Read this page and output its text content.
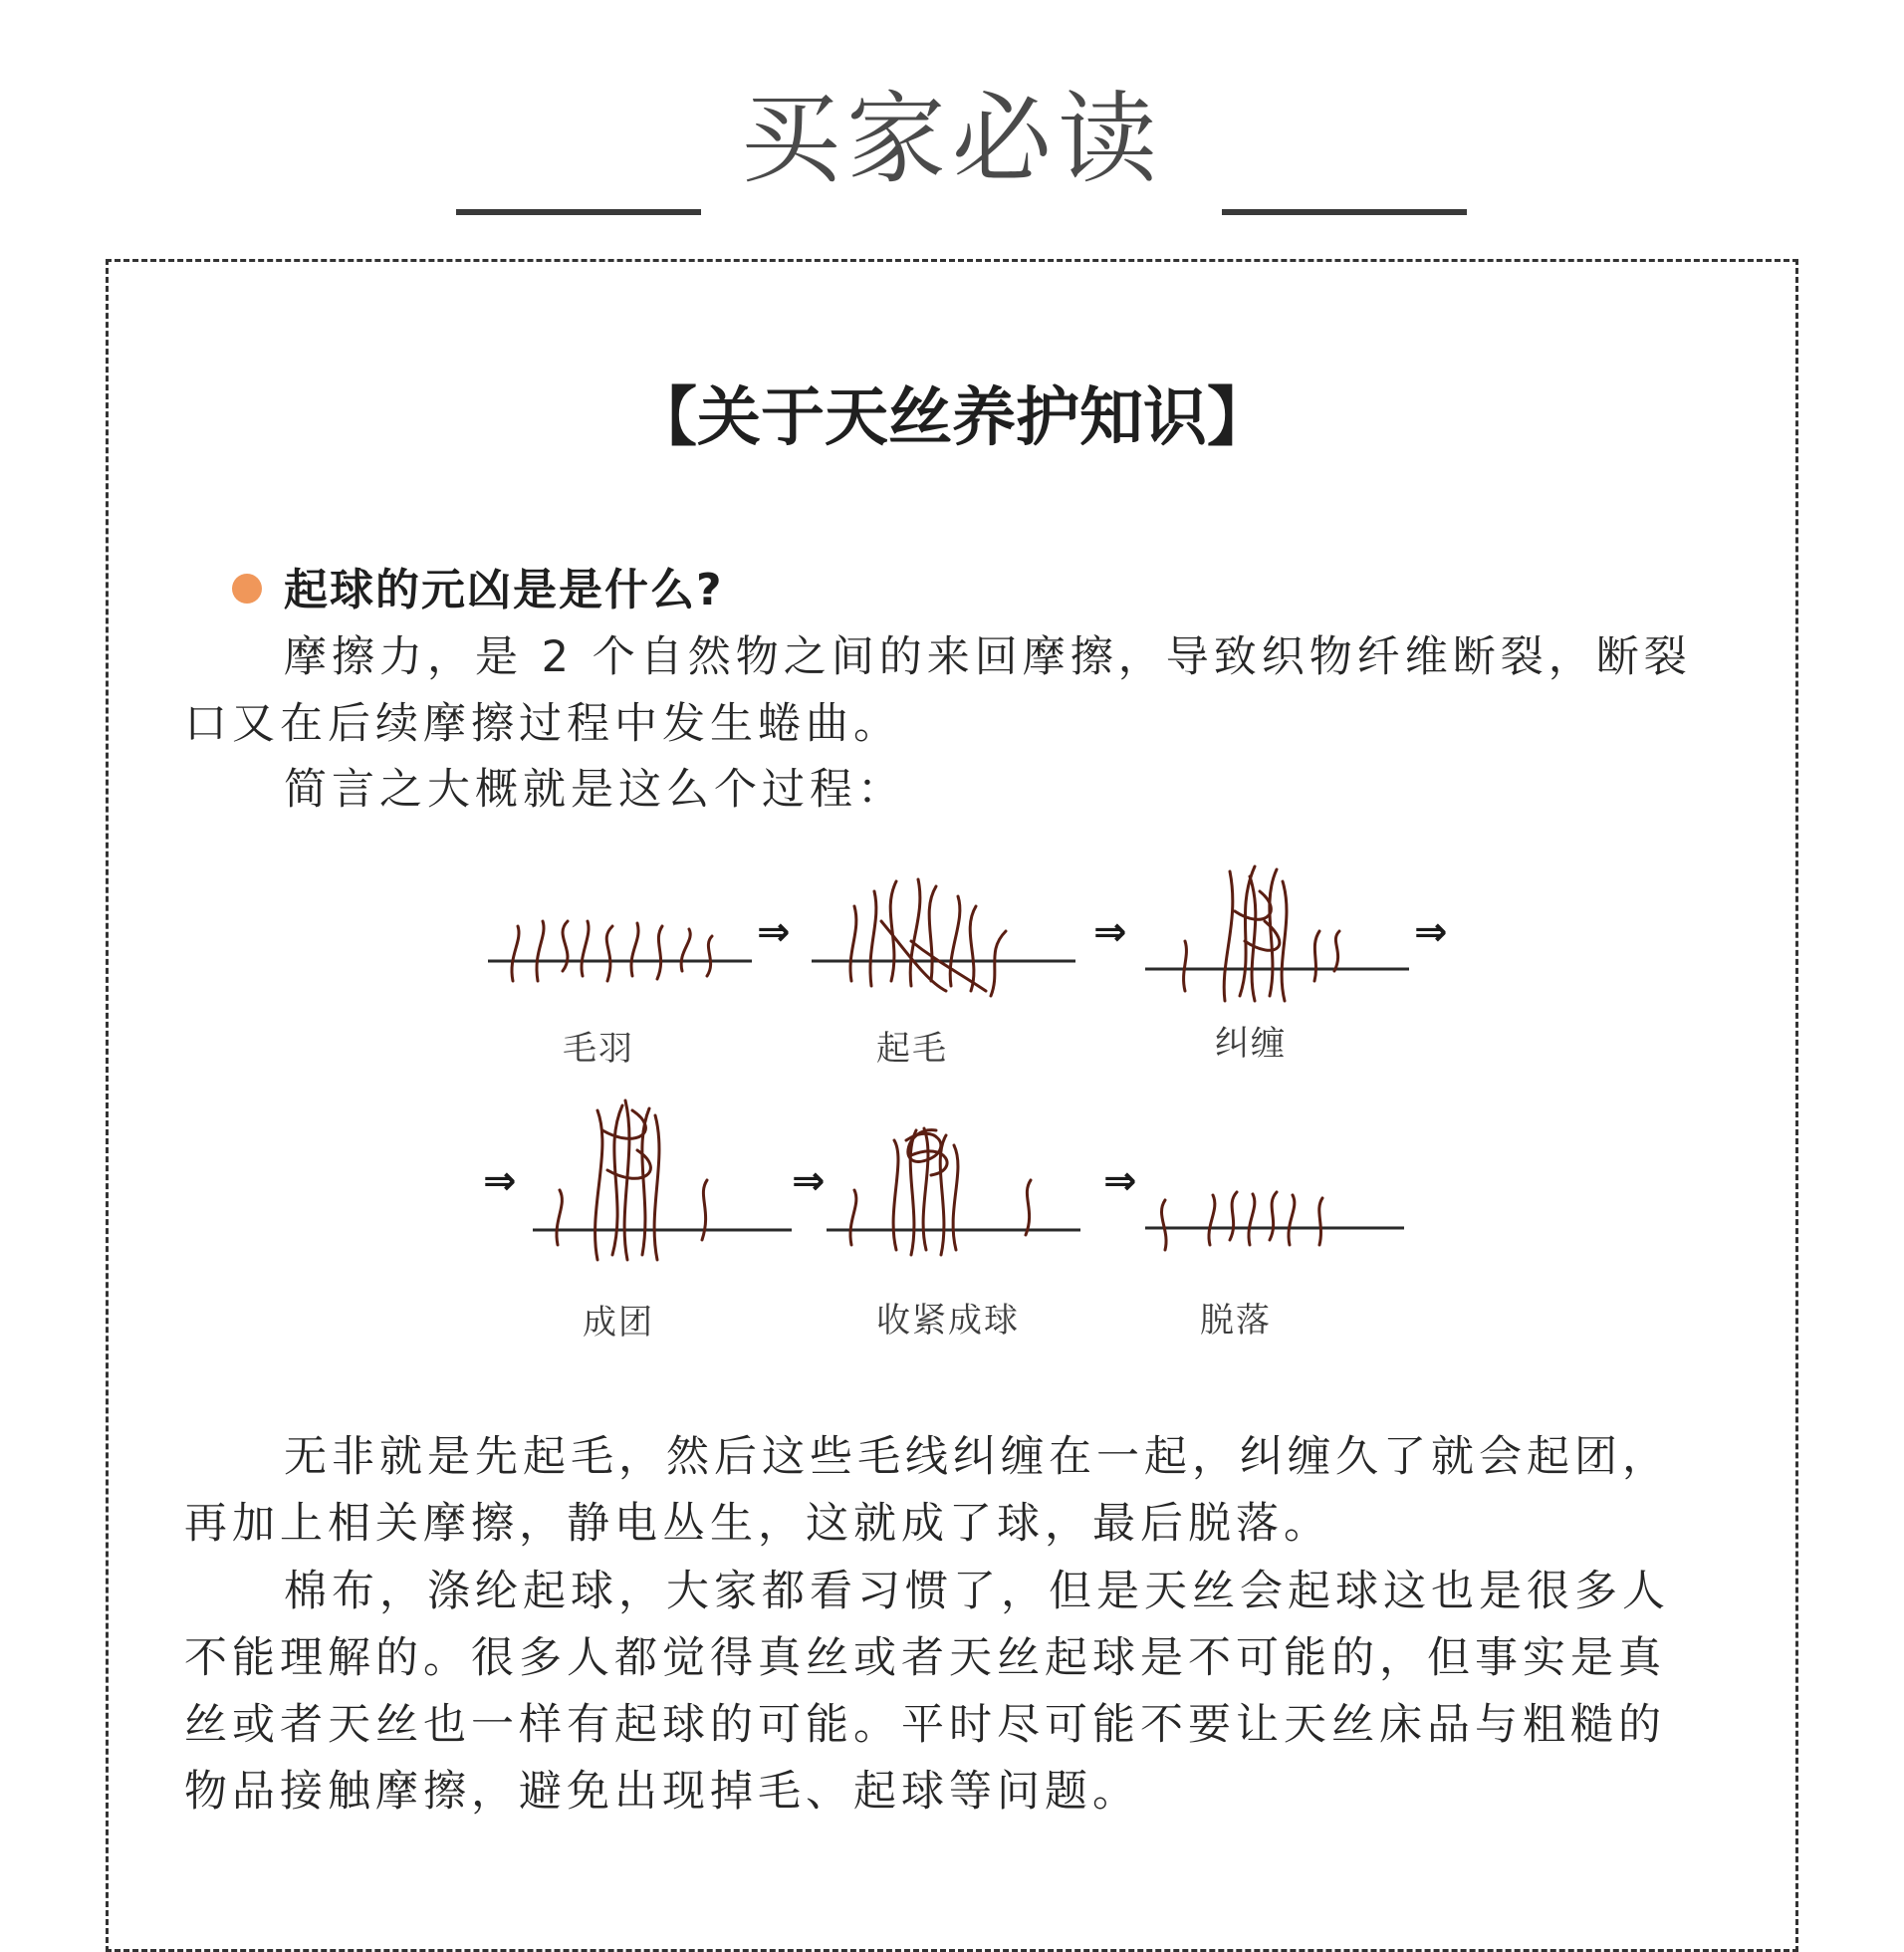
买家必读
【关于天丝养护知识】
起球的元凶是是什么?
摩擦力，是 2 个自然物之间的来回摩擦，导致织物纤维断裂，断裂口又在后续摩擦过程中发生蜷曲。
简言之大概就是这么个过程：
⇒	⇒	⇒
⇒	⇒	⇒
毛羽	起毛	纠缠
成团	收紧成球	脱落
无非就是先起毛，然后这些毛线纠缠在一起，纠缠久了就会起团，再加上相关摩擦，静电丛生，这就成了球，最后脱落。
棉布，涤纶起球，大家都看习惯了，但是天丝会起球这也是很多人不能理解的。很多人都觉得真丝或者天丝起球是不可能的，但事实是真丝或者天丝也一样有起球的可能。平时尽可能不要让天丝床品与粗糙的物品接触摩擦，避免出现掉毛、起球等问题。
